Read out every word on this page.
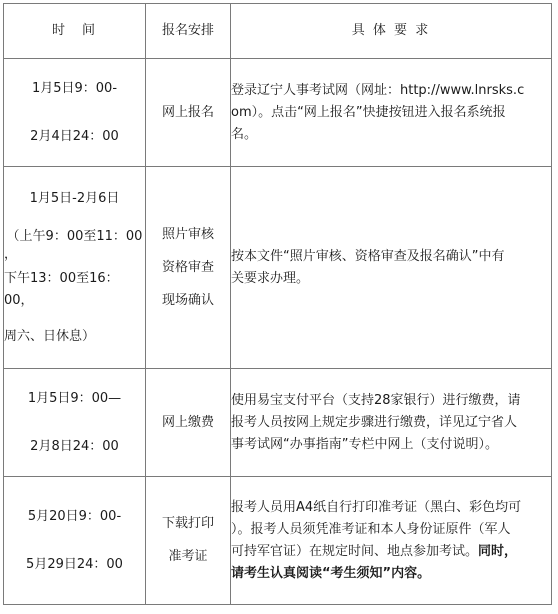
时　间	报名安排	具 体 要 求

1月5日9：00-
2月4日24：00	网上报名	登录辽宁人事考试网（网址：http://www.lnrsks.c
om）。点击“网上报名”快捷按钮进入报名系统报
名。

1月5日-2月6日
（上午9：00至11：00
，
下午13：00至16：00，
周六、日休息）	照片审核
资格审查
现场确认	按本文件“照片审核、资格审查及报名确认”中有
关要求办理。

1月5日9：00—
2月8日24：00	网上缴费	使用易宝支付平台（支持28家银行）进行缴费，请
报考人员按网上规定步骤进行缴费，详见辽宁省人
事考试网“办事指南”专栏中网上（支付说明）。

5月20日9：00-
5月29日24：00	下载打印
准考证	报考人员用A4纸自行打印准考证（黑白、彩色均可
）。报考人员须凭准考证和本人身份证原件（军人
可持军官证）在规定时间、地点参加考试。同时，
请考生认真阅读“考生须知”内容。
